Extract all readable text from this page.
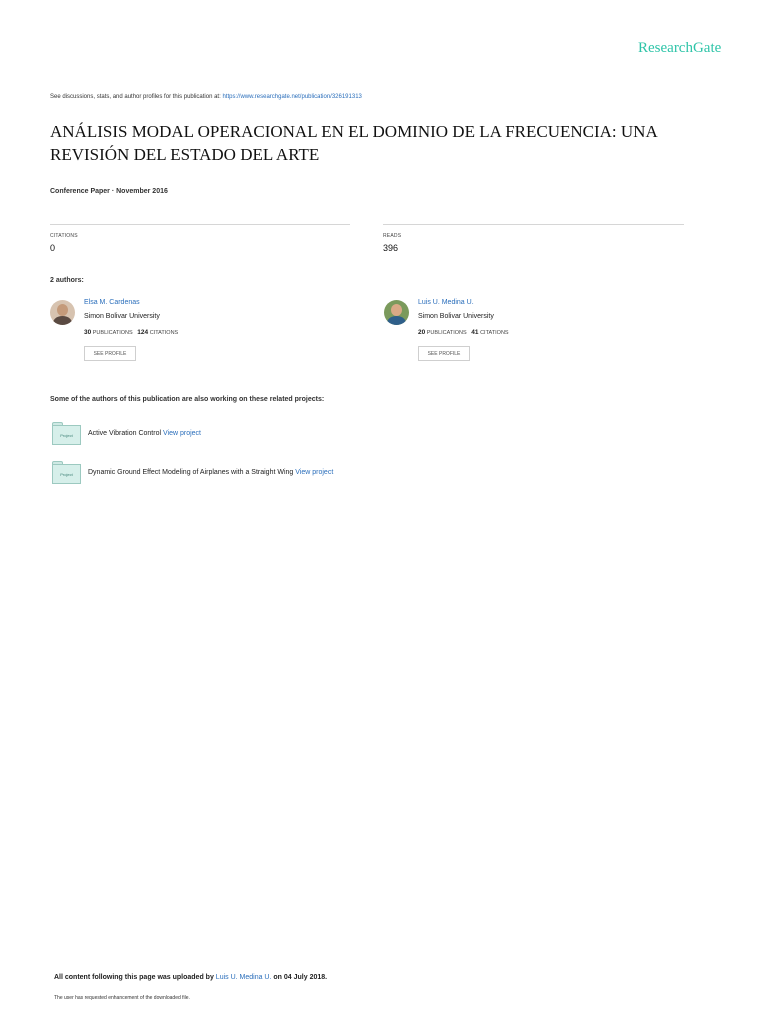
ResearchGate
See discussions, stats, and author profiles for this publication at: https://www.researchgate.net/publication/326191313
ANÁLISIS MODAL OPERACIONAL EN EL DOMINIO DE LA FRECUENCIA: UNA REVISIÓN DEL ESTADO DEL ARTE
Conference Paper · November 2016
CITATIONS
0
READS
396
2 authors:
Elsa M. Cardenas
Simon Bolivar University
30 PUBLICATIONS 124 CITATIONS
SEE PROFILE
Luis U. Medina U.
Simon Bolivar University
20 PUBLICATIONS 41 CITATIONS
SEE PROFILE
Some of the authors of this publication are also working on these related projects:
Project	Active Vibration Control View project
Project	Dynamic Ground Effect Modeling of Airplanes with a Straight Wing View project
All content following this page was uploaded by Luis U. Medina U. on 04 July 2018.
The user has requested enhancement of the downloaded file.
